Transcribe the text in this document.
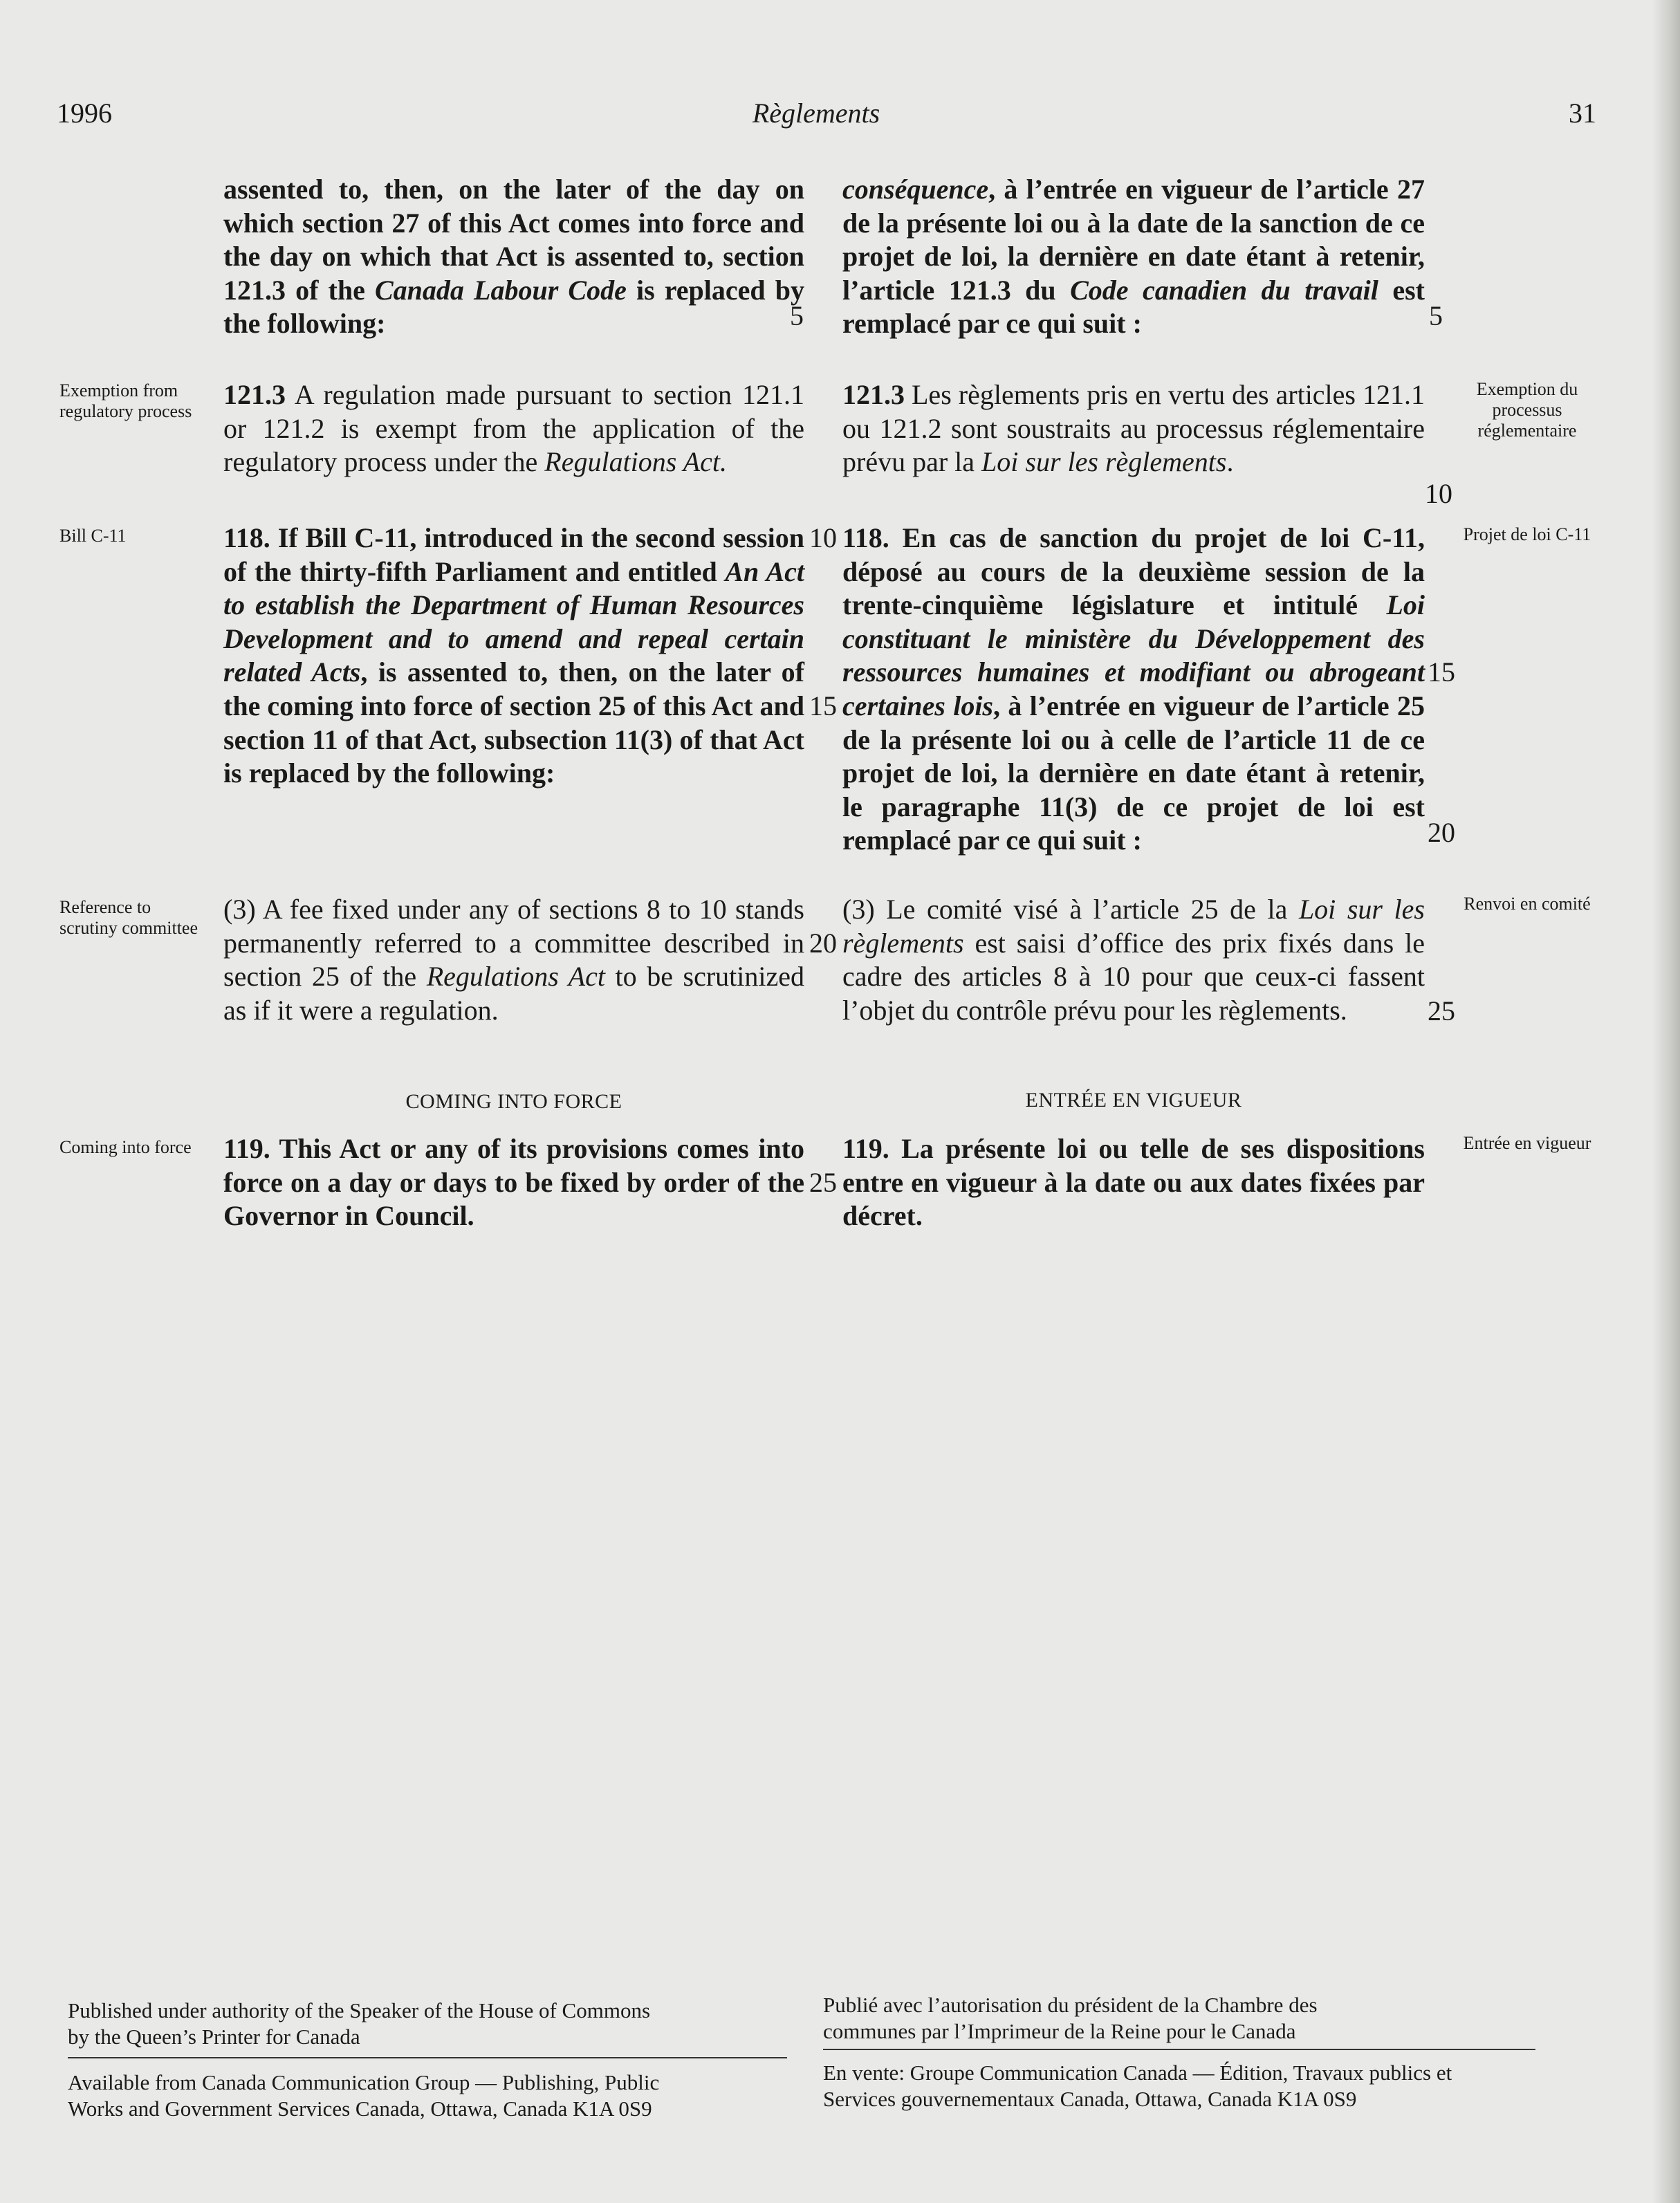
1996	Règlements	31
assented to, then, on the later of the day on which section 27 of this Act comes into force and the day on which that Act is assented to, section 121.3 of the Canada Labour Code is replaced by the following:
conséquence, à l’entrée en vigueur de l’article 27 de la présente loi ou à la date de la sanction de ce projet de loi, la dernière en date étant à retenir, l’article 121.3 du Code canadien du travail est remplacé par ce qui suit :
Exemption from regulatory process
Exemption du processus réglementaire
121.3 A regulation made pursuant to section 121.1 or 121.2 is exempt from the application of the regulatory process under the Regulations Act.
121.3 Les règlements pris en vertu des articles 121.1 ou 121.2 sont soustraits au processus réglementaire prévu par la Loi sur les règlements.
Bill C-11	Projet de loi C-11
118. If Bill C-11, introduced in the second session of the thirty-fifth Parliament and entitled An Act to establish the Department of Human Resources Development and to amend and repeal certain related Acts, is assented to, then, on the later of the coming into force of section 25 of this Act and section 11 of that Act, subsection 11(3) of that Act is replaced by the following:
118. En cas de sanction du projet de loi C-11, déposé au cours de la deuxième session de la trente-cinquième législature et intitulé Loi constituant le ministère du Développement des ressources humaines et modifiant ou abrogeant certaines lois, à l’entrée en vigueur de l’article 25 de la présente loi ou à celle de l’article 11 de ce projet de loi, la dernière en date étant à retenir, le paragraphe 11(3) de ce projet de loi est remplacé par ce qui suit :
Reference to scrutiny committee
Renvoi en comité
(3) A fee fixed under any of sections 8 to 10 stands permanently referred to a committee described in section 25 of the Regulations Act to be scrutinized as if it were a regulation.
(3) Le comité visé à l’article 25 de la Loi sur les règlements est saisi d’office des prix fixés dans le cadre des articles 8 à 10 pour que ceux-ci fassent l’objet du contrôle prévu pour les règlements.
COMING INTO FORCE	ENTRÉE EN VIGUEUR
Coming into force	Entrée en vigueur
119. This Act or any of its provisions comes into force on a day or days to be fixed by order of the Governor in Council.
119. La présente loi ou telle de ses dispositions entre en vigueur à la date ou aux dates fixées par décret.
5	5
10
10
15
15
20
20
25
25
Published under authority of the Speaker of the House of Commons
by the Queen’s Printer for Canada
Available from Canada Communication Group — Publishing, Public
Works and Government Services Canada, Ottawa, Canada K1A 0S9
Publié avec l’autorisation du président de la Chambre des
communes par l’Imprimeur de la Reine pour le Canada
En vente: Groupe Communication Canada — Édition, Travaux publics et
Services gouvernementaux Canada, Ottawa, Canada K1A 0S9
